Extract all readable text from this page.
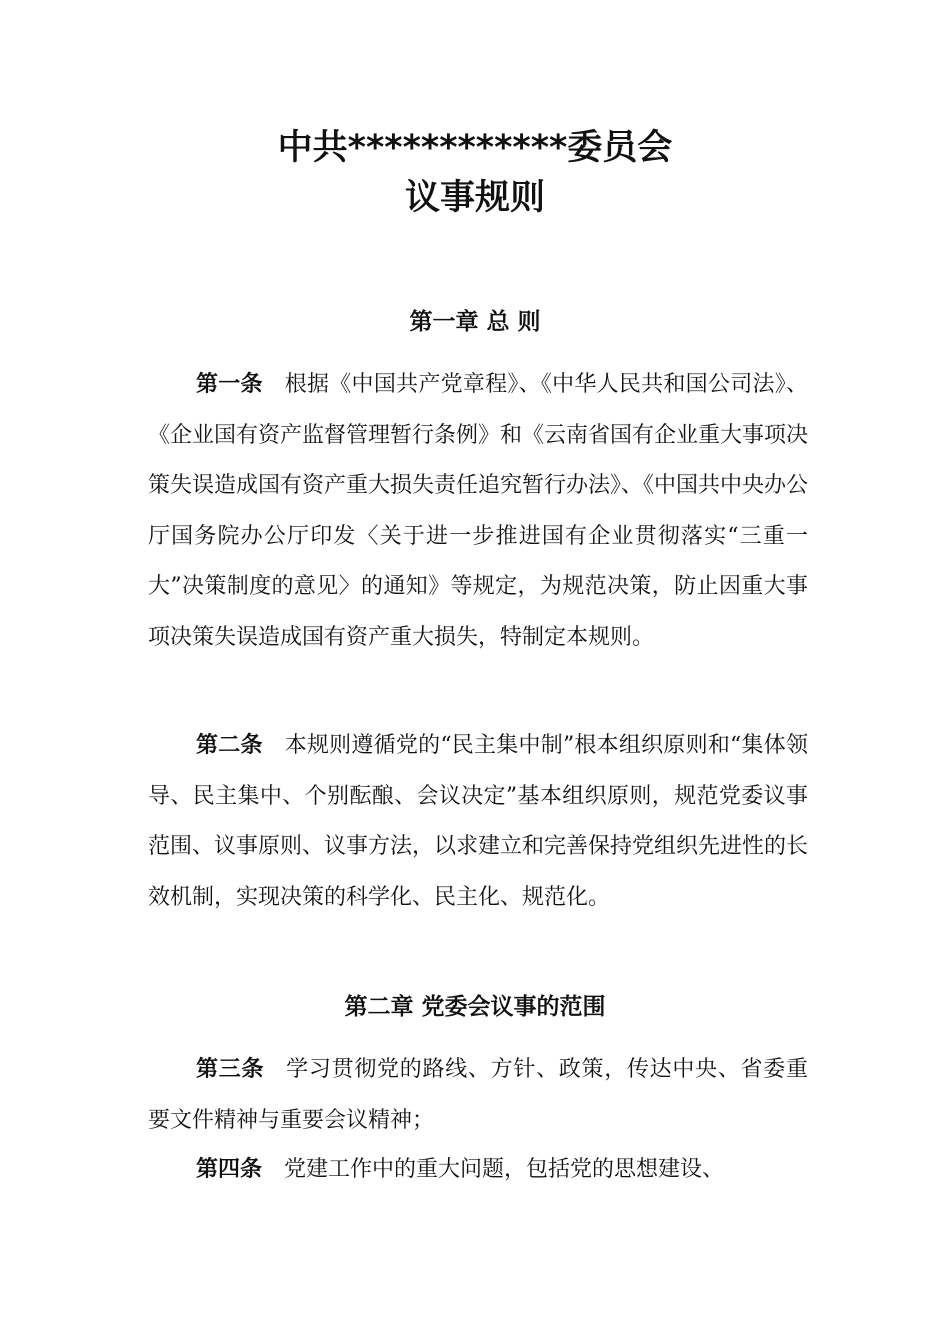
中共************委员会
议事规则
第一章 总 则

第一条 根据《中国共产党章程》、《中华人民共和国公司法》、《企业国有资产监督管理暂行条例》和《云南省国有企业重大事项决策失误造成国有资产重大损失责任追究暂行办法》、《中国共中央办公厅国务院办公厅印发〈关于进一步推进国有企业贯彻落实“三重一大”决策制度的意见〉的通知》等规定，为规范决策，防止因重大事项决策失误造成国有资产重大损失，特制定本规则。

第二条 本规则遵循党的“民主集中制”根本组织原则和“集体领导、民主集中、个别酝酿、会议决定”基本组织原则，规范党委议事范围、议事原则、议事方法，以求建立和完善保持党组织先进性的长效机制，实现决策的科学化、民主化、规范化。

第二章 党委会议事的范围

第三条 学习贯彻党的路线、方针、政策，传达中央、省委重要文件精神与重要会议精神；

第四条 党建工作中的重大问题，包括党的思想建设、
